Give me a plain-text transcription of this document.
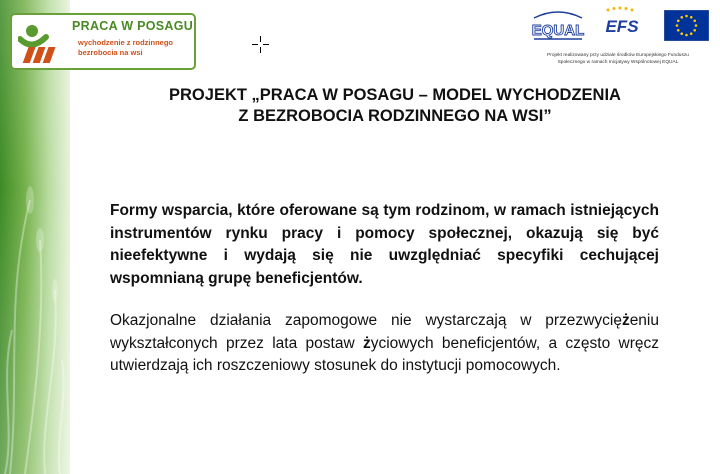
PRACA W POSAGU
wychodzenie z rodzinnego
bezrobocia na wsi
EQUAL EFS
Projekt realizowany przy udziale środków Europejskiego Funduszu
Społecznego w ramach Inicjatywy Wspólnotowej EQUAL
PROJEKT „PRACA W POSAGU – MODEL WYCHODZENIA
Z BEZROBOCIA RODZINNEGO NA WSI”
Formy wsparcia, które oferowane są tym rodzinom, w ramach istniejących instrumentów rynku pracy i pomocy społecznej, okazują się być nieefektywne i wydają się nie uwzględniać specyfiki cechującej wspomnianą grupę beneficjentów.
Okazjonalne działania zapomogowe nie wystarczają w przezwyciężeniu wykształconych przez lata postaw życiowych beneficjentów, a często wręcz utwierdzają ich roszczeniowy stosunek do instytucji pomocowych.
